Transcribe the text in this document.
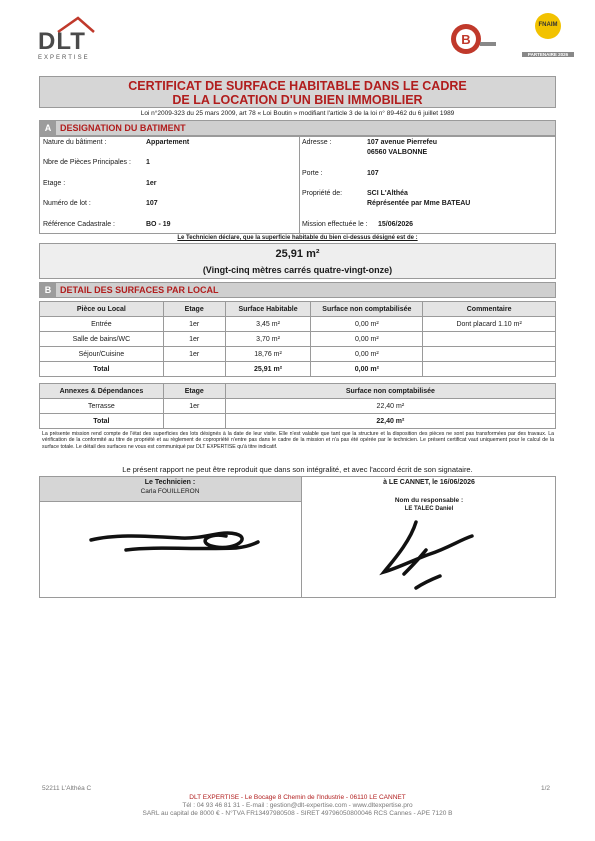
DLT
EXPERTISE
B
FNAIM
PARTENAIRE 2026
CERTIFICAT DE SURFACE HABITABLE DANS LE CADRE
DE LA LOCATION D'UN BIEN IMMOBILIER
Loi n°2009-323 du 25 mars 2009, art 78 « Loi Boutin » modifiant l'article 3 de la loi n° 89-462 du 6 juillet 1989
A DESIGNATION DU BATIMENT
Nature du bâtiment :	Appartement
Nbre de Pièces Principales : 1
Etage :	1er
Numéro de lot :	107
Référence Cadastrale :	BO - 19
Adresse :	107 avenue Pierrefeu
06560 VALBONNE
Porte :	107
Propriété de:	SCI L'Althéa
Réprésentée par Mme BATEAU
Mission effectuée le : 15/06/2026
Le Technicien déclare, que la superficie habitable du bien ci-dessus désigné est de :
25,91 m²
(Vingt-cinq mètres carrés quatre-vingt-onze)
B DETAIL DES SURFACES PAR LOCAL
Pièce ou Local	Etage	Surface Habitable	Surface non comptabilisée	Commentaire
Entrée	1er	3,45 m²	0,00 m²	Dont placard 1.10 m²
Salle de bains/WC	1er	3,70 m²	0,00 m²	
Séjour/Cuisine	1er	18,76 m²	0,00 m²	
Total		25,91 m²	0,00 m²	
Annexes & Dépendances	Etage	Surface non comptabilisée
Terrasse	1er	22,40 m²
Total		22,40 m²
La présente mission rend compte de l'état des superficies des lots désignés à la date de leur visite. Elle n'est valable que tant que la structure et la disposition des pièces ne sont pas transformées par des travaux. La vérification de la conformité au titre de propriété et au règlement de copropriété n'entre pas dans le cadre de la mission et n'a pas été opérée par le technicien. Le présent certificat vaut uniquement pour le calcul de la surface totale. Le détail des surfaces ne vous est communiqué par DLT EXPERTISE qu'à titre indicatif.
Le présent rapport ne peut être reproduit que dans son intégralité, et avec l'accord écrit de son signataire.
Le Technicien :
Carla FOUILLERON
à LE CANNET, le 16/06/2026
Nom du responsable :
LE TALEC Daniel
52211 L'Althéa C	1/2
DLT EXPERTISE - Le Bocage 8 Chemin de l'Industrie - 06110 LE CANNET
Tél : 04 93 46 81 31 - E-mail : gestion@dlt-expertise.com - www.dltexpertise.pro
SARL au capital de 8000 € - N°TVA FR13497980508 - SIRET 49796050800046 RCS Cannes - APE 7120 B
